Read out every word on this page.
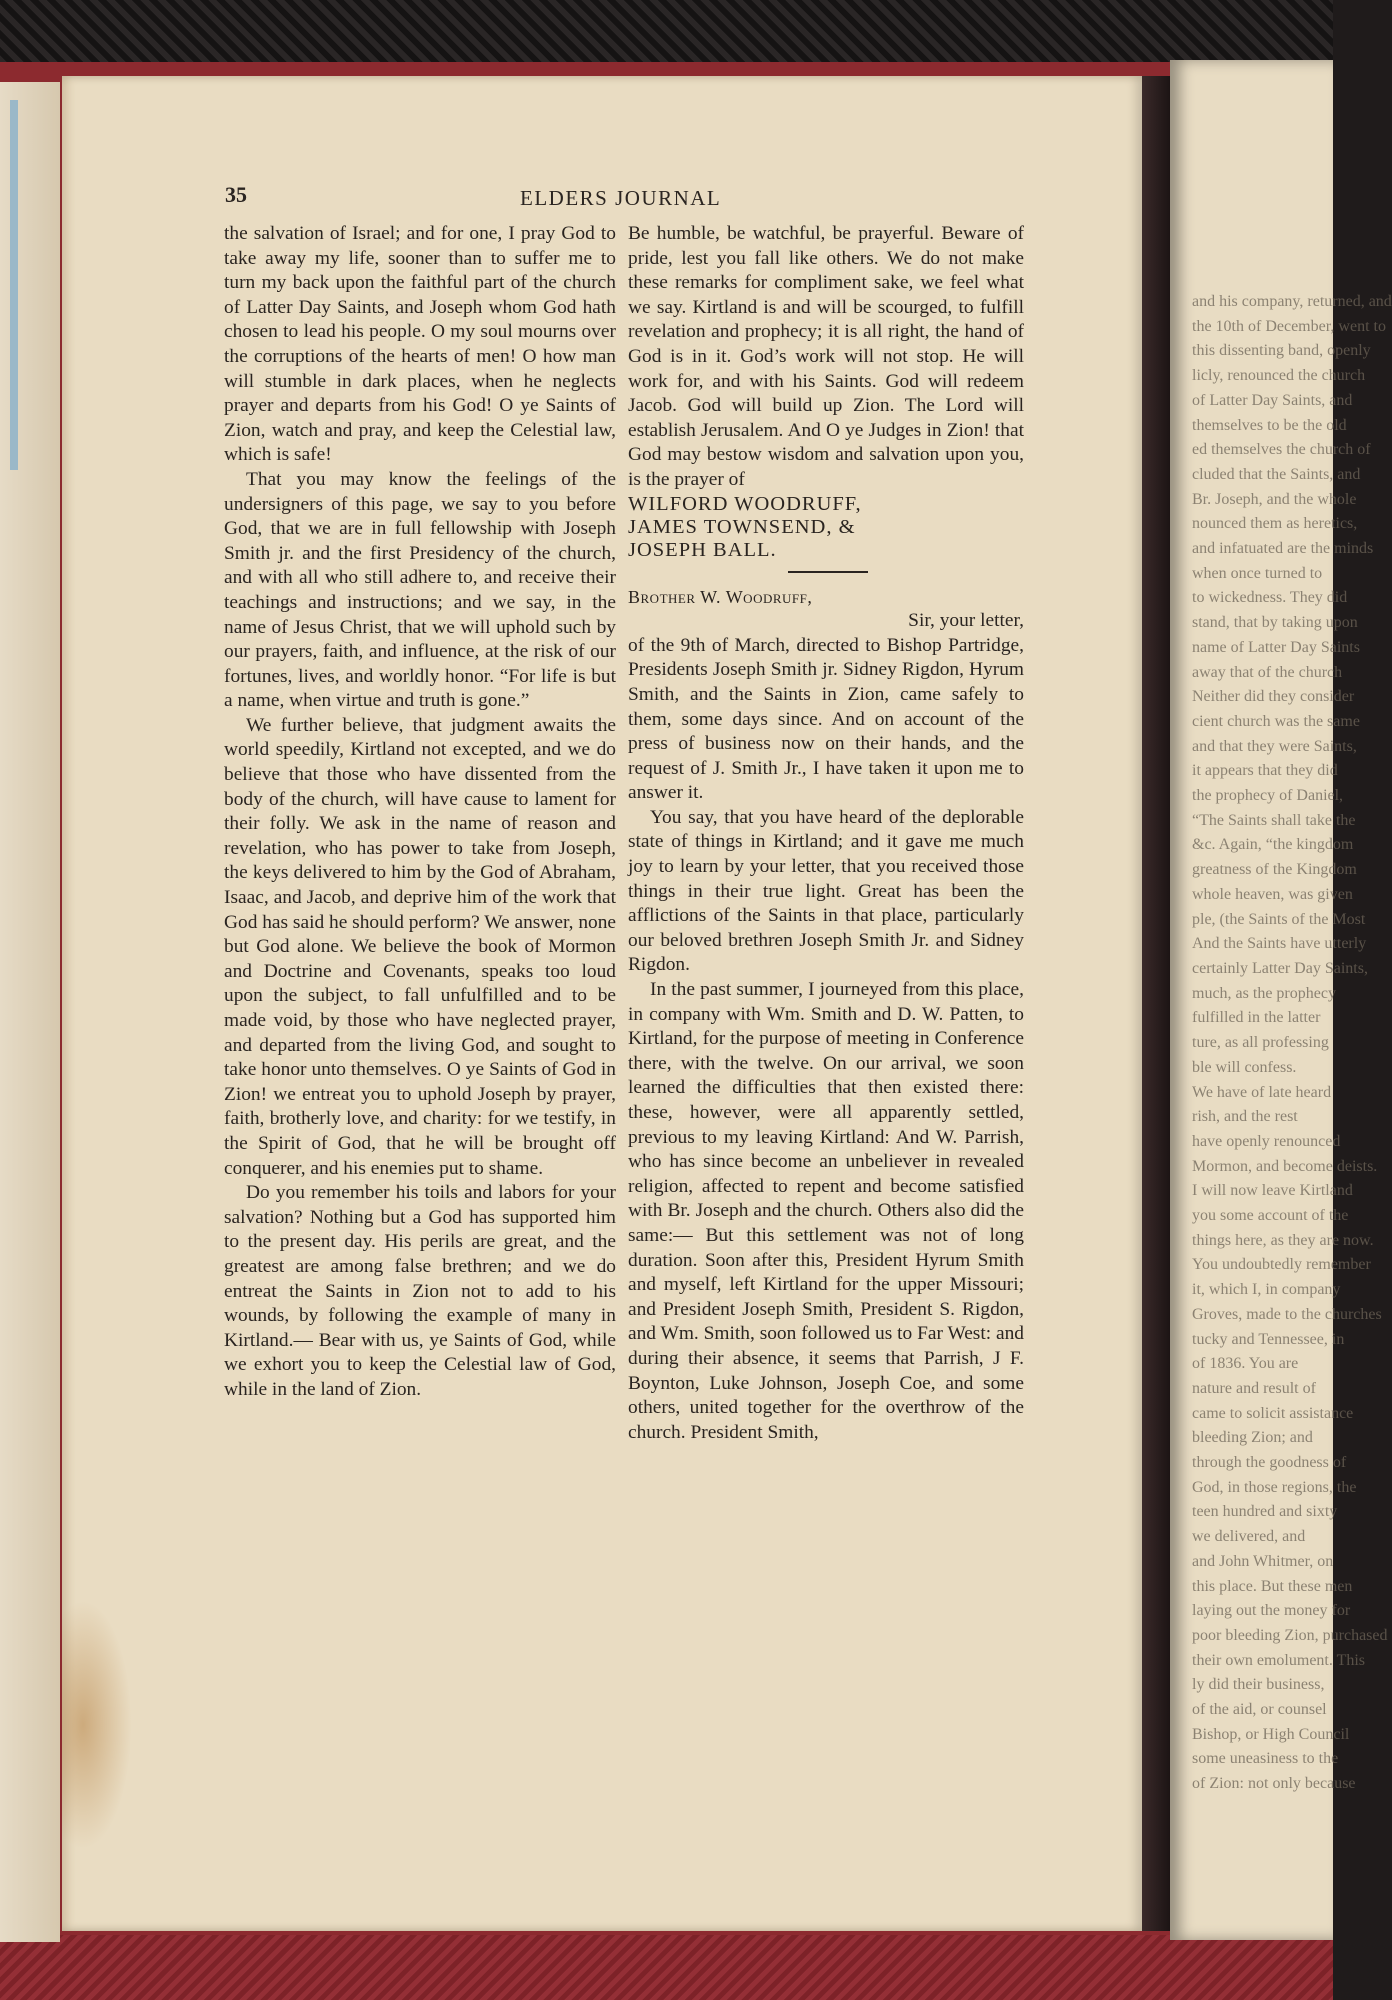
and his company, returned, and
the 10th of December, went to
this dissenting band, openly
licly, renounced the church
of Latter Day Saints, and
themselves to be the old
ed themselves the church of
cluded that the Saints, and
Br. Joseph, and the whole
nounced them as heretics,
and infatuated are the minds
when once turned to
to wickedness. They did
stand, that by taking upon
name of Latter Day Saints
away that of the church
Neither did they consider
cient church was the same
and that they were Saints,
it appears that they did
the prophecy of Daniel,
“The Saints shall take the
&c. Again, “the kingdom
greatness of the Kingdom
whole heaven, was given
ple, (the Saints of the Most
And the Saints have utterly
certainly Latter Day Saints,
much, as the prophecy
fulfilled in the latter
ture, as all professing
ble will confess.
We have of late heard
rish, and the rest
have openly renounced
Mormon, and become deists.
I will now leave Kirtland
you some account of the
things here, as they are now.
You undoubtedly remember
it, which I, in company
Groves, made to the churches
tucky and Tennessee, in
of 1836. You are
nature and result of
came to solicit assistance
bleeding Zion; and
through the goodness of
God, in those regions, the
teen hundred and sixty
we delivered, and
and John Whitmer, on
this place. But these men
laying out the money for
poor bleeding Zion, purchased
their own emolument. This
ly did their business,
of the aid, or counsel
Bishop, or High Council
some uneasiness to the
of Zion: not only because
35	ELDERS JOURNAL

the salvation of Israel; and for one, I pray God to take away my life, sooner than to suffer me to turn my back upon the faithful part of the church of Latter Day Saints, and Joseph whom God hath chosen to lead his people. O my soul mourns over the corruptions of the hearts of men! O how man will stumble in dark places, when he neglects prayer and departs from his God! O ye Saints of Zion, watch and pray, and keep the Celestial law, which is safe!

That you may know the feelings of the undersigners of this page, we say to you before God, that we are in full fellowship with Joseph Smith jr. and the first Presidency of the church, and with all who still adhere to, and receive their teachings and instructions; and we say, in the name of Jesus Christ, that we will uphold such by our prayers, faith, and influence, at the risk of our fortunes, lives, and worldly honor. “For life is but a name, when virtue and truth is gone.”

We further believe, that judgment awaits the world speedily, Kirtland not excepted, and we do believe that those who have dissented from the body of the church, will have cause to lament for their folly. We ask in the name of reason and revelation, who has power to take from Joseph, the keys delivered to him by the God of Abraham, Isaac, and Jacob, and deprive him of the work that God has said he should perform? We answer, none but God alone. We believe the book of Mormon and Doctrine and Covenants, speaks too loud upon the subject, to fall unfulfilled and to be made void, by those who have neglected prayer, and departed from the living God, and sought to take honor unto themselves. O ye Saints of God in Zion! we entreat you to uphold Joseph by prayer, faith, brotherly love, and charity: for we testify, in the Spirit of God, that he will be brought off conquerer, and his enemies put to shame.

Do you remember his toils and labors for your salvation? Nothing but a God has supported him to the present day. His perils are great, and the greatest are among false brethren; and we do entreat the Saints in Zion not to add to his wounds, by following the example of many in Kirtland.— Bear with us, ye Saints of God, while we exhort you to keep the Celestial law of God, while in the land of Zion.

Be humble, be watchful, be prayerful. Beware of pride, lest you fall like others. We do not make these remarks for compliment sake, we feel what we say. Kirtland is and will be scourged, to fulfill revelation and prophecy; it is all right, the hand of God is in it. God’s work will not stop. He will work for, and with his Saints. God will redeem Jacob. God will build up Zion. The Lord will establish Jerusalem. And O ye Judges in Zion! that God may bestow wisdom and salvation upon you, is the prayer of

WILFORD WOODRUFF,

JAMES TOWNSEND, &

JOSEPH BALL.

Brother W. Woodruff,

Sir, your letter,

of the 9th of March, directed to Bishop Partridge, Presidents Joseph Smith jr. Sidney Rigdon, Hyrum Smith, and the Saints in Zion, came safely to them, some days since. And on account of the press of business now on their hands, and the request of J. Smith Jr., I have taken it upon me to answer it.

You say, that you have heard of the deplorable state of things in Kirtland; and it gave me much joy to learn by your letter, that you received those things in their true light. Great has been the afflictions of the Saints in that place, particularly our beloved brethren Joseph Smith Jr. and Sidney Rigdon.

In the past summer, I journeyed from this place, in company with Wm. Smith and D. W. Patten, to Kirtland, for the purpose of meeting in Conference there, with the twelve. On our arrival, we soon learned the difficulties that then existed there: these, however, were all apparently settled, previous to my leaving Kirtland: And W. Parrish, who has since become an unbeliever in revealed religion, affected to repent and become satisfied with Br. Joseph and the church. Others also did the same:— But this settlement was not of long duration. Soon after this, President Hyrum Smith and myself, left Kirtland for the upper Missouri; and President Joseph Smith, President S. Rigdon, and Wm. Smith, soon followed us to Far West: and during their absence, it seems that Parrish, J F. Boynton, Luke Johnson, Joseph Coe, and some others, united together for the overthrow of the church. President Smith,
